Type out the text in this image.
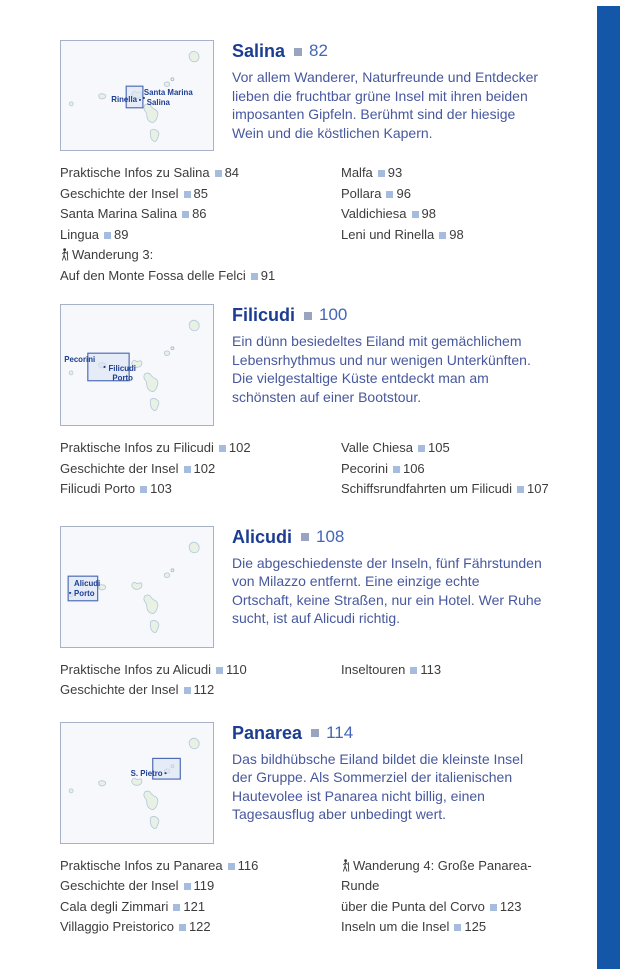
Santa Marina
Salina
Rinella
Salina 82

Vor allem Wanderer, Naturfreunde und Entdecker lieben die fruchtbar grüne Insel mit ihren beiden imposanten Gipfeln. Berühmt sind der hiesige Wein und die köstlichen Kapern.

Praktische Infos zu Salina 84
Geschichte der Insel 85
Santa Marina Salina 86
Lingua 89
Wanderung 3:
Auf den Monte Fossa delle Felci 91
Malfa 93
Pollara 96
Valdichiesa 98
Leni und Rinella 98
Pecorini
Filicudi
Porto
Filicudi 100

Ein dünn besiedeltes Eiland mit gemächlichem Lebensrhythmus und nur wenigen Unterkünften. Die vielgestaltige Küste entdeckt man am schönsten auf einer Bootstour.

Praktische Infos zu Filicudi 102
Geschichte der Insel 102
Filicudi Porto 103
Valle Chiesa 105
Pecorini 106
Schiffsrundfahrten um Filicudi 107
Alicudi
Porto
Alicudi 108

Die abgeschiedenste der Inseln, fünf Fährstunden von Milazzo entfernt. Eine einzige echte Ortschaft, keine Straßen, nur ein Hotel. Wer Ruhe sucht, ist auf Alicudi richtig.

Praktische Infos zu Alicudi 110
Geschichte der Insel 112
Inseltouren 113
S. Pietro
Panarea 114

Das bildhübsche Eiland bildet die kleinste Insel der Gruppe. Als Sommerziel der italienischen Hautevolee ist Panarea nicht billig, einen Tagesausflug aber unbedingt wert.

Praktische Infos zu Panarea 116
Geschichte der Insel 119
Cala degli Zimmari 121
Villaggio Preistorico 122
Wanderung 4: Große Panarea-Runde
über die Punta del Corvo 123
Inseln um die Insel 125
